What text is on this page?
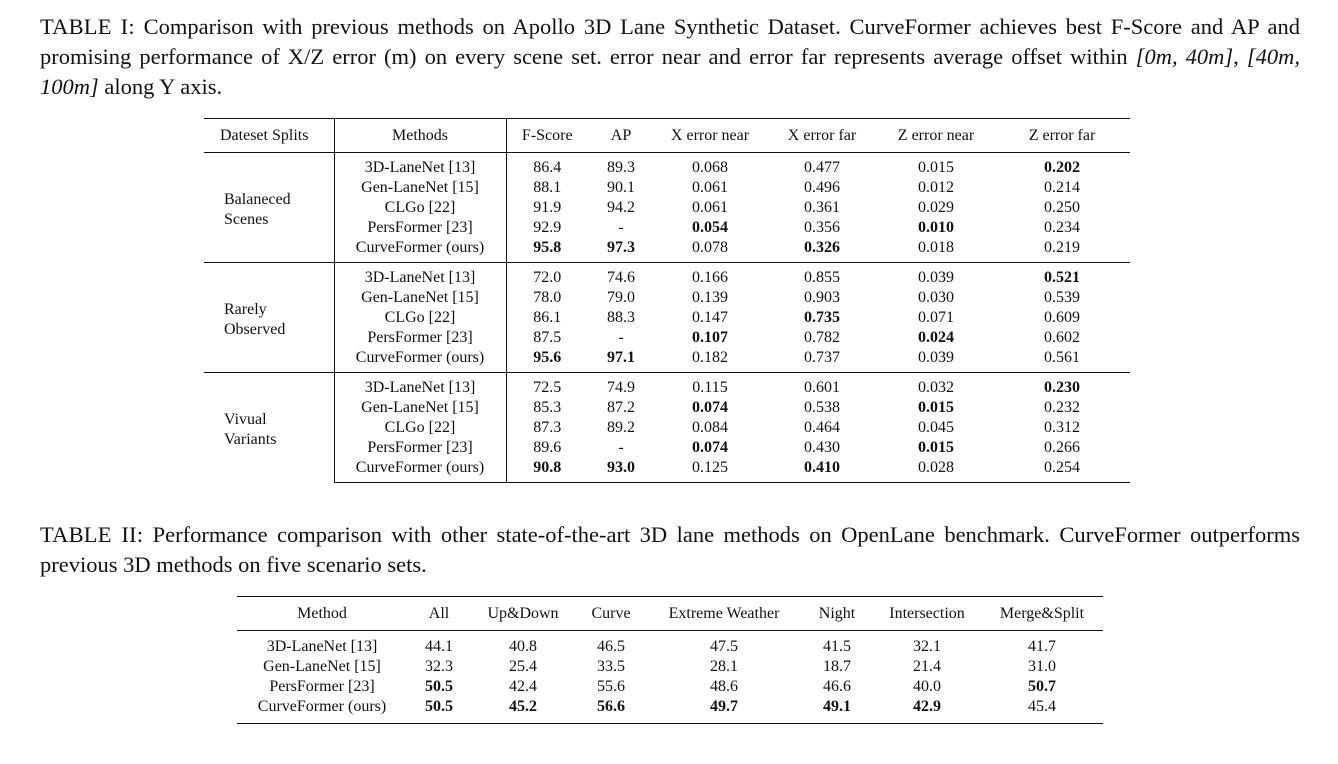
TABLE I: Comparison with previous methods on Apollo 3D Lane Synthetic Dataset. CurveFormer achieves best F-Score and AP and promising performance of X/Z error (m) on every scene set. error near and error far represents average offset within [0m, 40m], [40m, 100m] along Y axis.

Dateset Splits	Methods	F-Score	AP	X error near	X error far	Z error near	Z error far

Balaneced
Scenes	3D-LaneNet [13]	86.4	89.3	0.068	0.477	0.015	0.202
	Gen-LaneNet [15]	88.1	90.1	0.061	0.496	0.012	0.214
	CLGo [22]	91.9	94.2	0.061	0.361	0.029	0.250
	PersFormer [23]	92.9	-	0.054	0.356	0.010	0.234
	CurveFormer (ours)	95.8	97.3	0.078	0.326	0.018	0.219

Rarely
Observed	3D-LaneNet [13]	72.0	74.6	0.166	0.855	0.039	0.521
	Gen-LaneNet [15]	78.0	79.0	0.139	0.903	0.030	0.539
	CLGo [22]	86.1	88.3	0.147	0.735	0.071	0.609
	PersFormer [23]	87.5	-	0.107	0.782	0.024	0.602
	CurveFormer (ours)	95.6	97.1	0.182	0.737	0.039	0.561

Vivual
Variants	3D-LaneNet [13]	72.5	74.9	0.115	0.601	0.032	0.230
	Gen-LaneNet [15]	85.3	87.2	0.074	0.538	0.015	0.232
	CLGo [22]	87.3	89.2	0.084	0.464	0.045	0.312
	PersFormer [23]	89.6	-	0.074	0.430	0.015	0.266
	CurveFormer (ours)	90.8	93.0	0.125	0.410	0.028	0.254

TABLE II: Performance comparison with other state-of-the-art 3D lane methods on OpenLane benchmark. CurveFormer outperforms previous 3D methods on five scenario sets.

Method	All	Up&Down	Curve	Extreme Weather	Night	Intersection	Merge&Split
3D-LaneNet [13]	44.1	40.8	46.5	47.5	41.5	32.1	41.7
Gen-LaneNet [15]	32.3	25.4	33.5	28.1	18.7	21.4	31.0
PersFormer [23]	50.5	42.4	55.6	48.6	46.6	40.0	50.7
CurveFormer (ours)	50.5	45.2	56.6	49.7	49.1	42.9	45.4
